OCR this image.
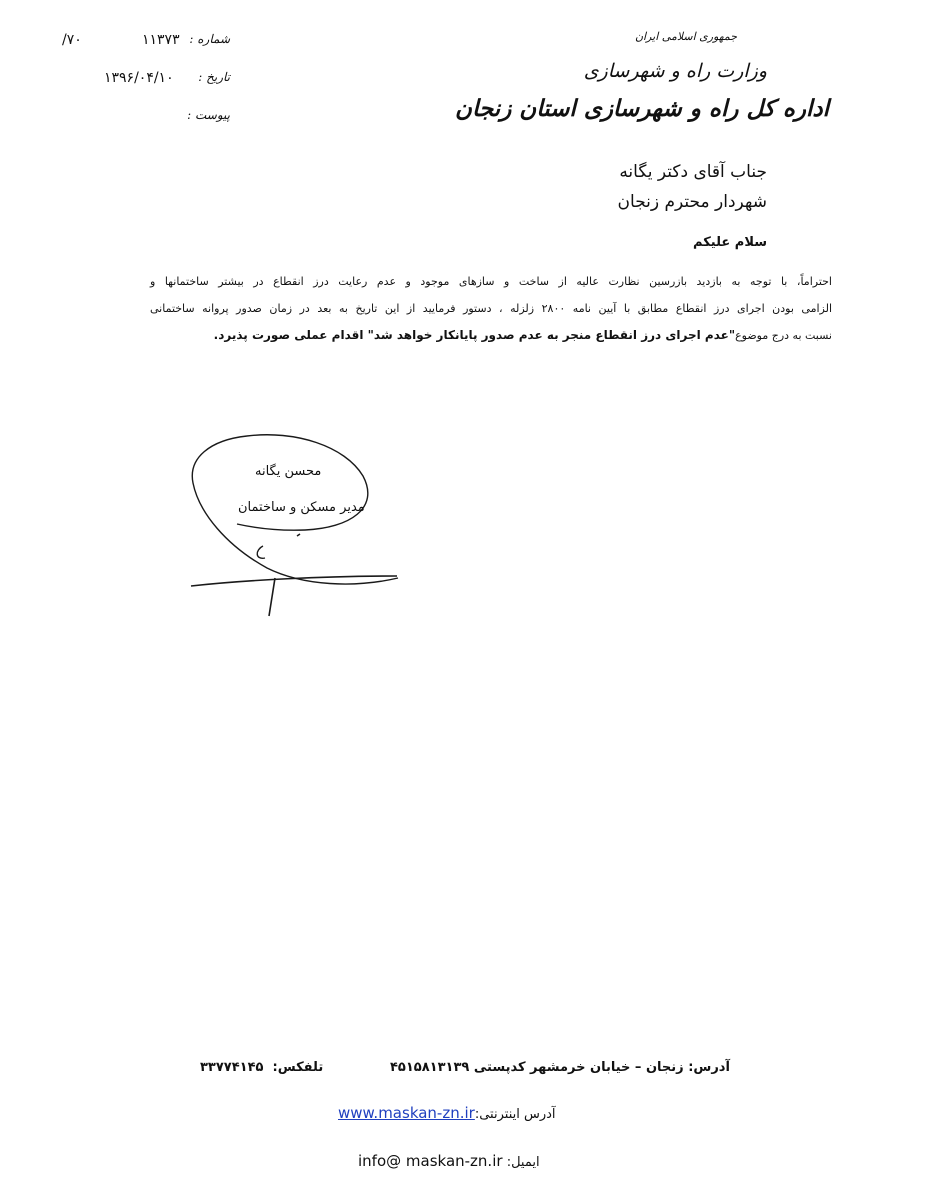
۷۰/	۱۱۳۷۳ شماره :
۱۳۹۶/۰۴/۱۰ تاریخ :
پیوست :
جمهوری اسلامی ایران
وزارت راه و شهرسازی
اداره کل راه و شهرسازی استان زنجان
جناب آقای دکتر یگانه
شهردار محترم زنجان
سلام علیکم
احتراماً، با توجه به بازدید بازرسین نظارت عالیه از ساخت و سازهای موجود و عدم رعایت درز انقطاع در بیشتر ساختمانها و
الزامی بودن اجرای درز انقطاع مطابق با آیین نامه ۲۸۰۰ زلزله ، دستور فرمایید از این تاریخ به بعد در زمان صدور پروانه ساختمانی
نسبت به درج موضوع"عدم اجرای درز انقطاع منجر به عدم صدور پایانکار خواهد شد" اقدام عملی صورت پذیرد.
محسن یگانه
مدیر مسکن و ساختمان
آدرس: زنجان – خیابان خرمشهر کدپستی ۴۵۱۵۸۱۳۱۳۹
تلفکس:  ۳۳۷۷۴۱۴۵
آدرس اینترنتی:www.maskan-zn.ir
ایمیل: info@ maskan-zn.ir
